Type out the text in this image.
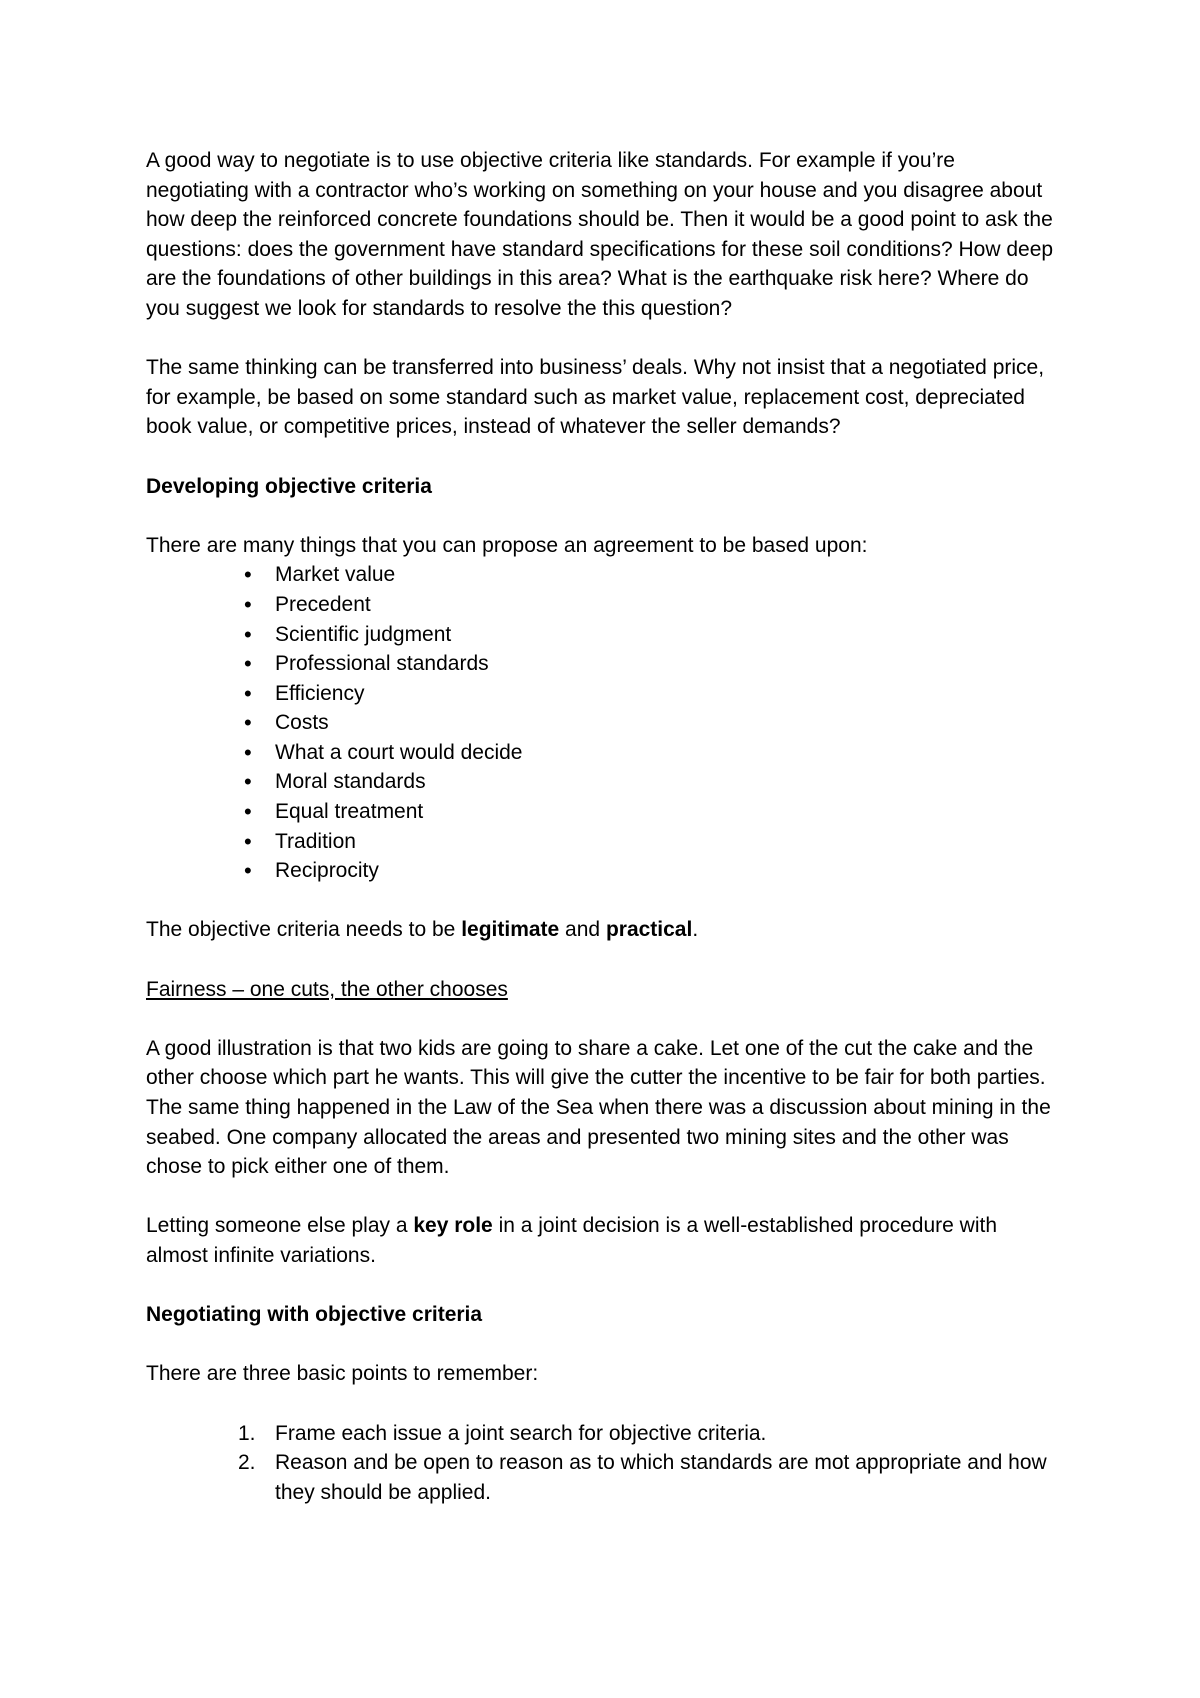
A good way to negotiate is to use objective criteria like standards. For example if you’re negotiating with a contractor who’s working on something on your house and you disagree about how deep the reinforced concrete foundations should be. Then it would be a good point to ask the questions: does the government have standard specifications for these soil conditions? How deep are the foundations of other buildings in this area? What is the earthquake risk here? Where do you suggest we look for standards to resolve the this question?

The same thinking can be transferred into business’ deals. Why not insist that a negotiated price, for example, be based on some standard such as market value, replacement cost, depreciated book value, or competitive prices, instead of whatever the seller demands?

Developing objective criteria

There are many things that you can propose an agreement to be based upon:

• Market value
• Precedent
• Scientific judgment
• Professional standards
• Efficiency
• Costs
• What a court would decide
• Moral standards
• Equal treatment
• Tradition
• Reciprocity

The objective criteria needs to be legitimate and practical.

Fairness – one cuts, the other chooses

A good illustration is that two kids are going to share a cake. Let one of the cut the cake and the other choose which part he wants. This will give the cutter the incentive to be fair for both parties. The same thing happened in the Law of the Sea when there was a discussion about mining in the seabed. One company allocated the areas and presented two mining sites and the other was chose to pick either one of them.

Letting someone else play a key role in a joint decision is a well-established procedure with almost infinite variations.

Negotiating with objective criteria

There are three basic points to remember:

1. Frame each issue a joint search for objective criteria.
2. Reason and be open to reason as to which standards are mot appropriate and how they should be applied.
